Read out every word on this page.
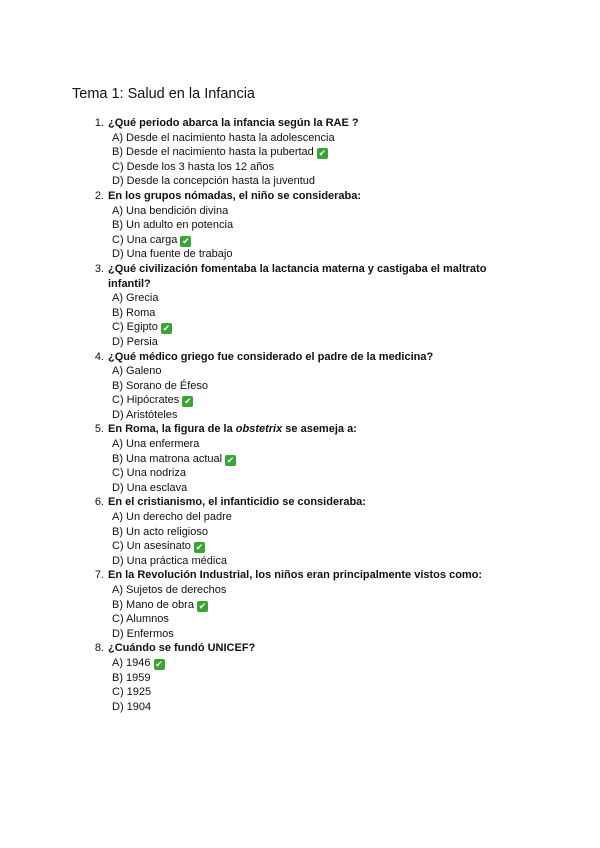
Tema 1: Salud en la Infancia
1. ¿Qué periodo abarca la infancia según la RAE ?
A) Desde el nacimiento hasta la adolescencia
B) Desde el nacimiento hasta la pubertad ✔
C) Desde los 3 hasta los 12 años
D) Desde la concepción hasta la juventud
2. En los grupos nómadas, el niño se consideraba:
A) Una bendición divina
B) Un adulto en potencia
C) Una carga ✔
D) Una fuente de trabajo
3. ¿Qué civilización fomentaba la lactancia materna y castigaba el maltrato infantil?
A) Grecia
B) Roma
C) Egipto ✔
D) Persia
4. ¿Qué médico griego fue considerado el padre de la medicina?
A) Galeno
B) Sorano de Éfeso
C) Hipócrates ✔
D) Aristóteles
5. En Roma, la figura de la obstetrix se asemeja a:
A) Una enfermera
B) Una matrona actual ✔
C) Una nodriza
D) Una esclava
6. En el cristianismo, el infanticidio se consideraba:
A) Un derecho del padre
B) Un acto religioso
C) Un asesinato ✔
D) Una práctica médica
7. En la Revolución Industrial, los niños eran principalmente vistos como:
A) Sujetos de derechos
B) Mano de obra ✔
C) Alumnos
D) Enfermos
8. ¿Cuándo se fundó UNICEF?
A) 1946 ✔
B) 1959
C) 1925
D) 1904
